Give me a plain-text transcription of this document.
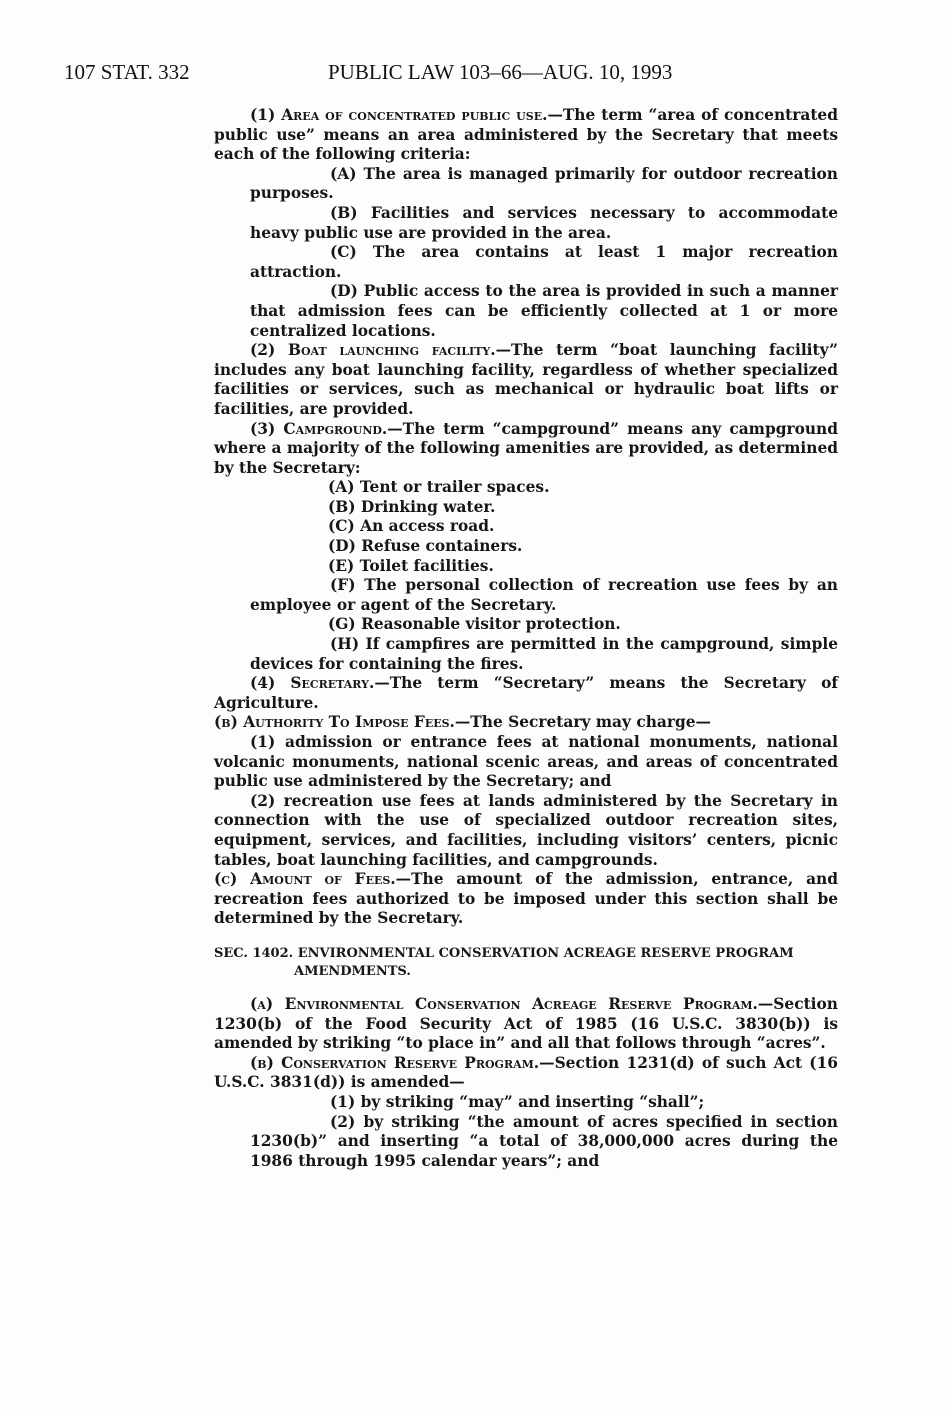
107 STAT. 332	PUBLIC LAW 103–66—AUG. 10, 1993

(1) Area of concentrated public use.—The term “area of concentrated public use” means an area administered by the Secretary that meets each of the following criteria:

(A) The area is managed primarily for outdoor recreation purposes.

(B) Facilities and services necessary to accommodate heavy public use are provided in the area.

(C) The area contains at least 1 major recreation attraction.

(D) Public access to the area is provided in such a manner that admission fees can be efficiently collected at 1 or more centralized locations.

(2) Boat launching facility.—The term “boat launching facility” includes any boat launching facility, regardless of whether specialized facilities or services, such as mechanical or hydraulic boat lifts or facilities, are provided.

(3) Campground.—The term “campground” means any campground where a majority of the following amenities are provided, as determined by the Secretary:

(A) Tent or trailer spaces.

(B) Drinking water.

(C) An access road.

(D) Refuse containers.

(E) Toilet facilities.

(F) The personal collection of recreation use fees by an employee or agent of the Secretary.

(G) Reasonable visitor protection.

(H) If campfires are permitted in the campground, simple devices for containing the fires.

(4) Secretary.—The term “Secretary” means the Secretary of Agriculture.

(b) Authority To Impose Fees.—The Secretary may charge—

(1) admission or entrance fees at national monuments, national volcanic monuments, national scenic areas, and areas of concentrated public use administered by the Secretary; and

(2) recreation use fees at lands administered by the Secretary in connection with the use of specialized outdoor recreation sites, equipment, services, and facilities, including visitors’ centers, picnic tables, boat launching facilities, and campgrounds.

(c) Amount of Fees.—The amount of the admission, entrance, and recreation fees authorized to be imposed under this section shall be determined by the Secretary.

SEC. 1402. ENVIRONMENTAL CONSERVATION ACREAGE RESERVE PROGRAM AMENDMENTS.

(a) Environmental Conservation Acreage Reserve Program.—Section 1230(b) of the Food Security Act of 1985 (16 U.S.C. 3830(b)) is amended by striking “to place in” and all that follows through “acres”.

(b) Conservation Reserve Program.—Section 1231(d) of such Act (16 U.S.C. 3831(d)) is amended—

(1) by striking “may” and inserting “shall”;

(2) by striking “the amount of acres specified in section 1230(b)” and inserting “a total of 38,000,000 acres during the 1986 through 1995 calendar years”; and
